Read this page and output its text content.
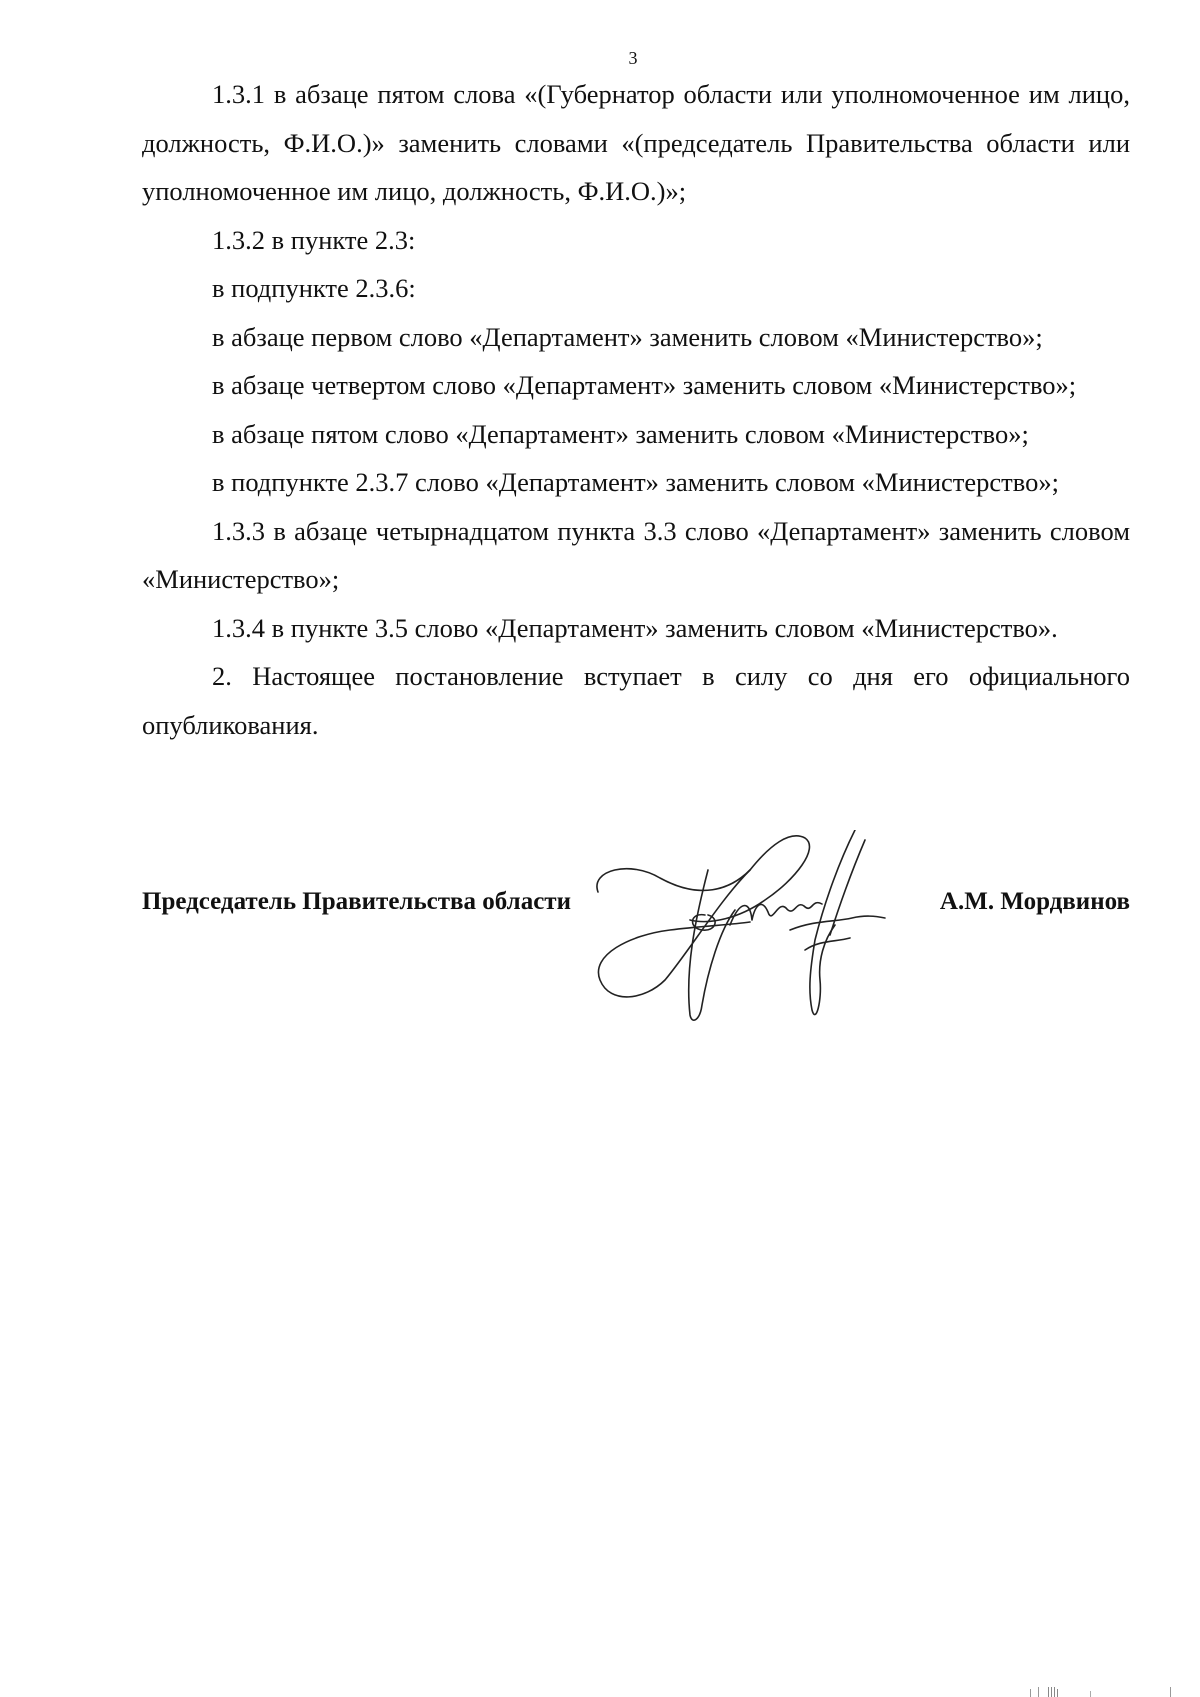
3

1.3.1 в абзаце пятом слова «(Губернатор области или уполномоченное им лицо, должность, Ф.И.О.)» заменить словами «(председатель Правительства области или уполномоченное им лицо, должность, Ф.И.О.)»;

1.3.2 в пункте 2.3:

в подпункте 2.3.6:

в абзаце первом слово «Департамент» заменить словом «Министерство»;

в абзаце четвертом слово «Департамент» заменить словом «Министерство»;

в абзаце пятом слово «Департамент» заменить словом «Министерство»;

в подпункте 2.3.7 слово «Департамент» заменить словом «Министерство»;

1.3.3 в абзаце четырнадцатом пункта 3.3 слово «Департамент» заменить словом «Министерство»;

1.3.4 в пункте 3.5 слово «Департамент» заменить словом «Министерство».

2. Настоящее постановление вступает в силу со дня его официального опубликования.

Председатель Правительства области	А.М. Мордвинов
